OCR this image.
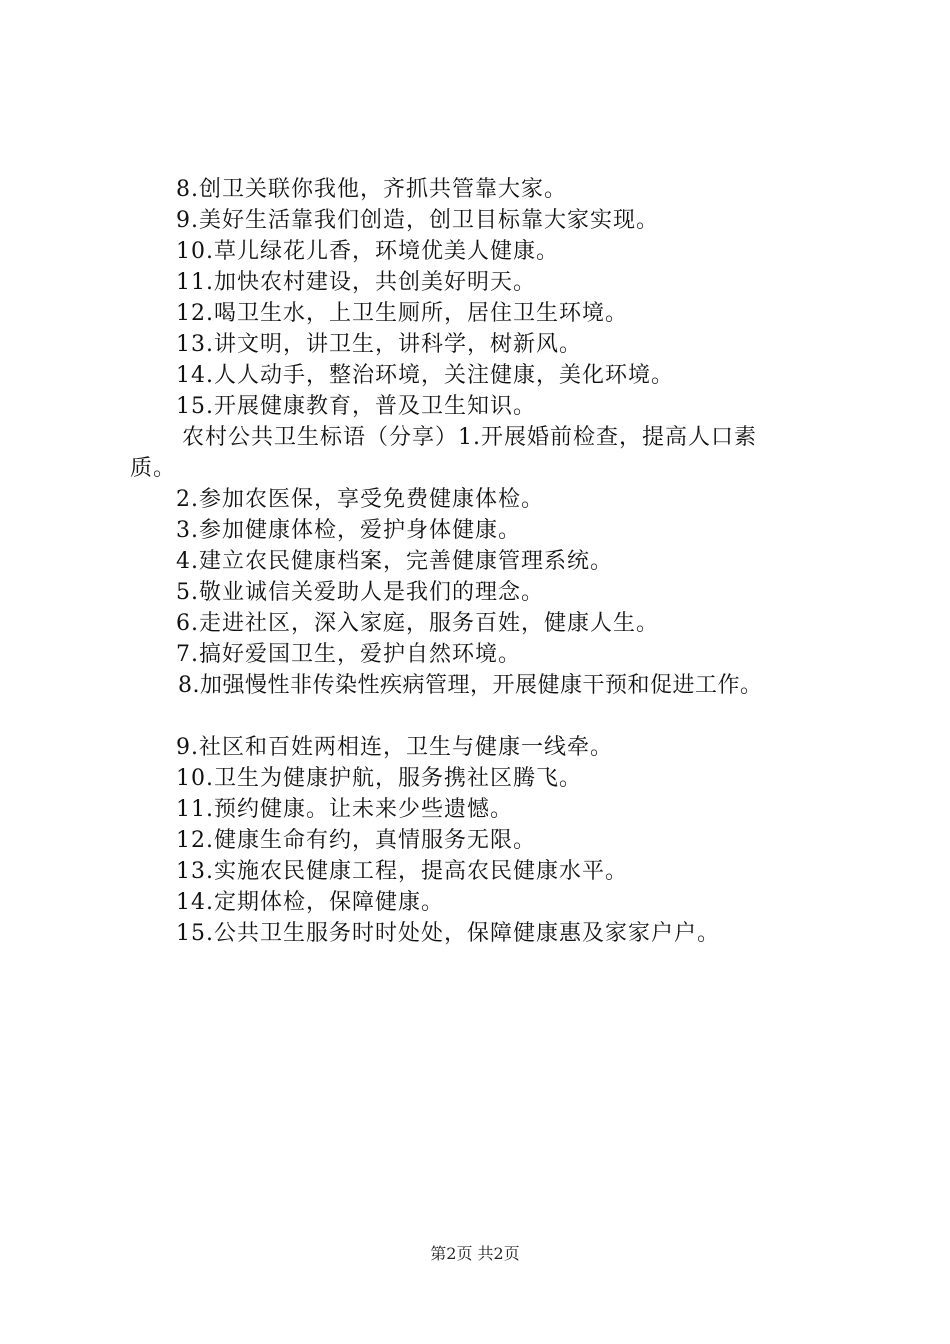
8.创卫关联你我他，齐抓共管靠大家。
9.美好生活靠我们创造，创卫目标靠大家实现。
10.草儿绿花儿香，环境优美人健康。
11.加快农村建设，共创美好明天。
12.喝卫生水，上卫生厕所，居住卫生环境。
13.讲文明，讲卫生，讲科学，树新风。
14.人人动手，整治环境，关注健康，美化环境。
15.开展健康教育，普及卫生知识。
农村公共卫生标语（分享）1.开展婚前检查，提高人口素
质。
2.参加农医保，享受免费健康体检。
3.参加健康体检，爱护身体健康。
4.建立农民健康档案，完善健康管理系统。
5.敬业诚信关爱助人是我们的理念。
6.走进社区，深入家庭，服务百姓，健康人生。
7.搞好爱国卫生，爱护自然环境。
8.加强慢性非传染性疾病管理，开展健康干预和促进工作。
9.社区和百姓两相连，卫生与健康一线牵。
10.卫生为健康护航，服务携社区腾飞。
11.预约健康。让未来少些遗憾。
12.健康生命有约，真情服务无限。
13.实施农民健康工程，提高农民健康水平。
14.定期体检，保障健康。
15.公共卫生服务时时处处，保障健康惠及家家户户。
第2页 共2页
